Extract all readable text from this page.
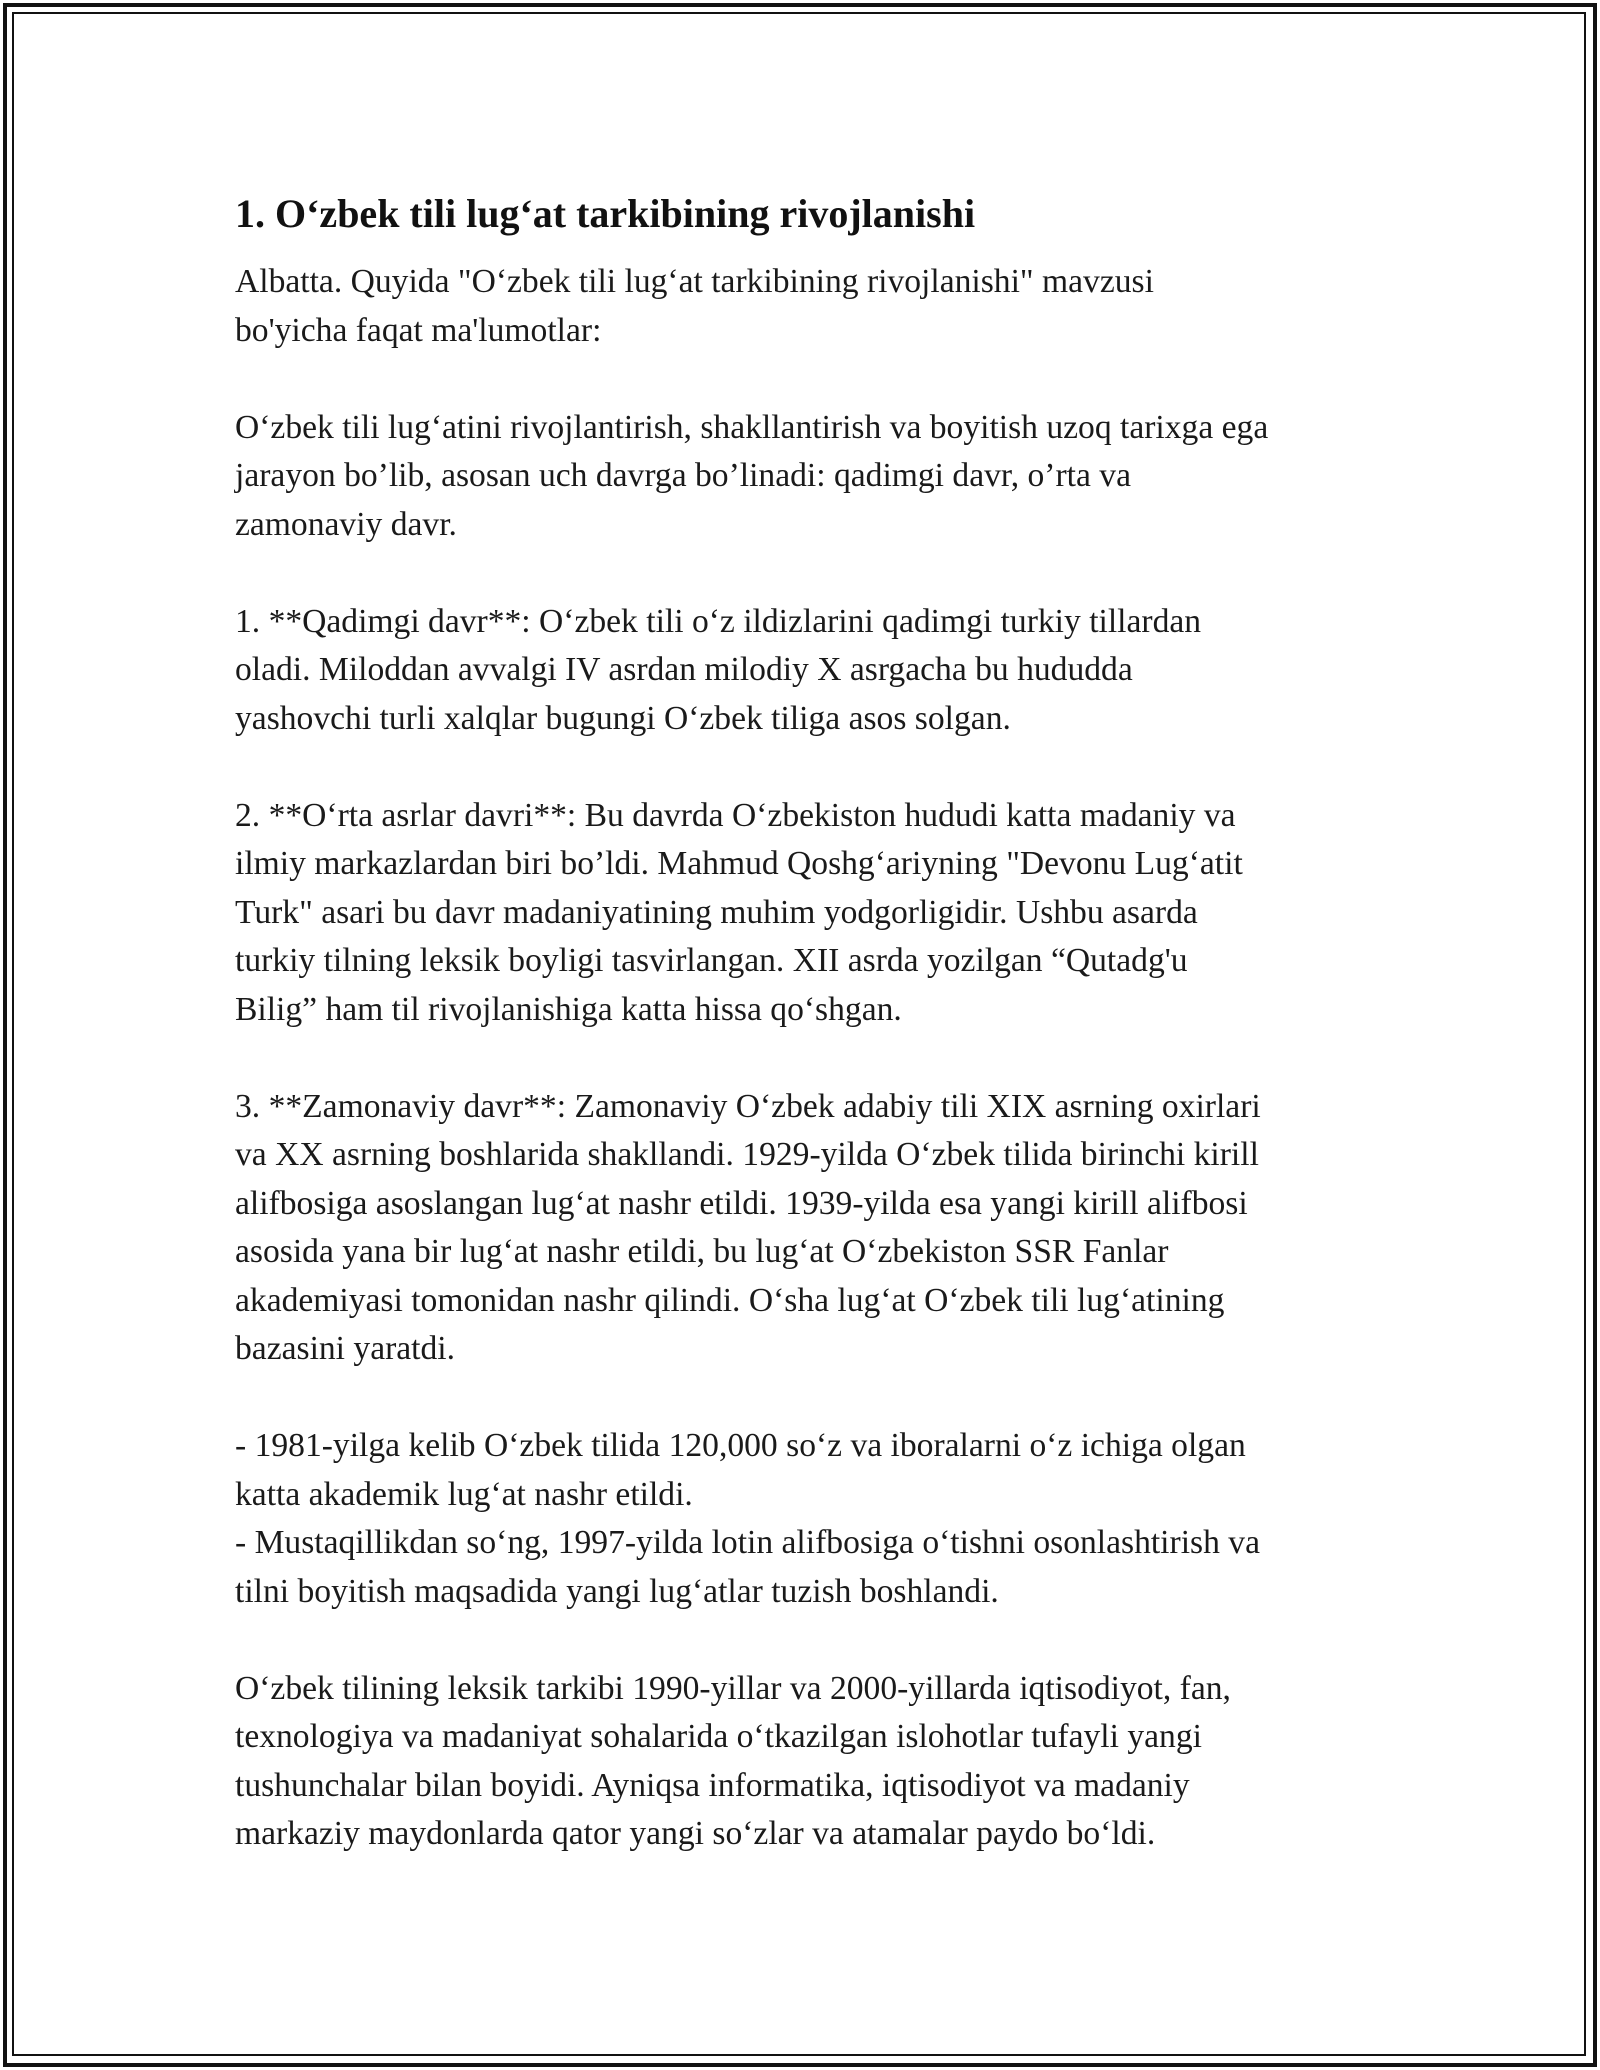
1. O‘zbek tili lug‘at tarkibining rivojlanishi

Albatta. Quyida "O‘zbek tili lug‘at tarkibining rivojlanishi" mavzusi
bo'yicha faqat ma'lumotlar:

O‘zbek tili lug‘atini rivojlantirish, shakllantirish va boyitish uzoq tarixga ega
jarayon bo’lib, asosan uch davrga bo’linadi: qadimgi davr, o’rta va
zamonaviy davr.

1. **Qadimgi davr**: O‘zbek tili o‘z ildizlarini qadimgi turkiy tillardan
oladi. Miloddan avvalgi IV asrdan milodiy X asrgacha bu hududda
yashovchi turli xalqlar bugungi O‘zbek tiliga asos solgan.

2. **O‘rta asrlar davri**: Bu davrda O‘zbekiston hududi katta madaniy va
ilmiy markazlardan biri bo’ldi. Mahmud Qoshg‘ariyning "Devonu Lug‘atit
Turk" asari bu davr madaniyatining muhim yodgorligidir. Ushbu asarda
turkiy tilning leksik boyligi tasvirlangan. XII asrda yozilgan “Qutadg'u
Bilig” ham til rivojlanishiga katta hissa qo‘shgan.

3. **Zamonaviy davr**: Zamonaviy O‘zbek adabiy tili XIX asrning oxirlari
va XX asrning boshlarida shakllandi. 1929-yilda O‘zbek tilida birinchi kirill
alifbosiga asoslangan lug‘at nashr etildi. 1939-yilda esa yangi kirill alifbosi
asosida yana bir lug‘at nashr etildi, bu lug‘at O‘zbekiston SSR Fanlar
akademiyasi tomonidan nashr qilindi. O‘sha lug‘at O‘zbek tili lug‘atining
bazasini yaratdi.

- 1981-yilga kelib O‘zbek tilida 120,000 so‘z va iboralarni o‘z ichiga olgan
katta akademik lug‘at nashr etildi.
- Mustaqillikdan so‘ng, 1997-yilda lotin alifbosiga o‘tishni osonlashtirish va
tilni boyitish maqsadida yangi lug‘atlar tuzish boshlandi.

O‘zbek tilining leksik tarkibi 1990-yillar va 2000-yillarda iqtisodiyot, fan,
texnologiya va madaniyat sohalarida o‘tkazilgan islohotlar tufayli yangi
tushunchalar bilan boyidi. Ayniqsa informatika, iqtisodiyot va madaniy
markaziy maydonlarda qator yangi so‘zlar va atamalar paydo bo‘ldi.
